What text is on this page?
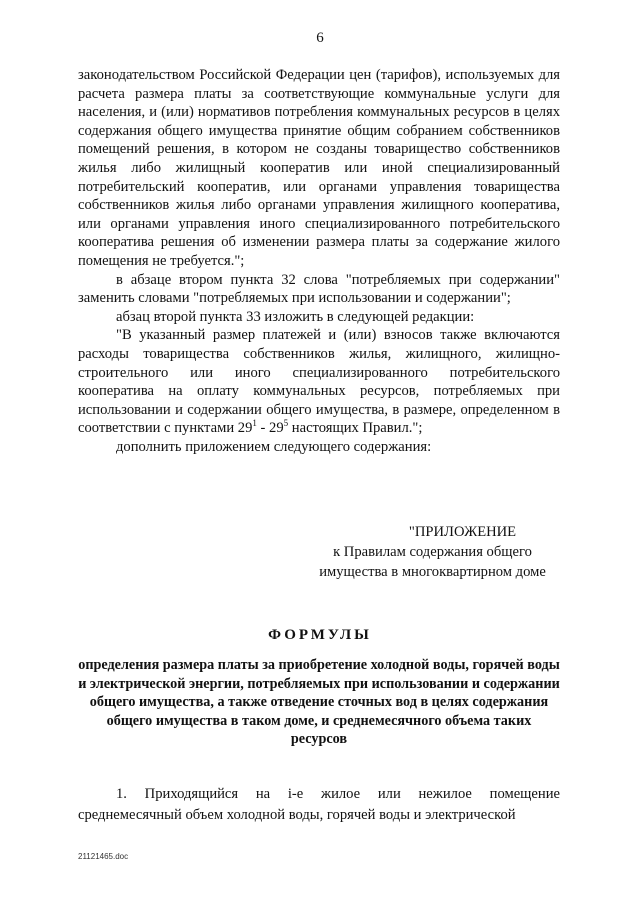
6

законодательством Российской Федерации цен (тарифов), используемых для расчета размера платы за соответствующие коммунальные услуги для населения, и (или) нормативов потребления коммунальных ресурсов в целях содержания общего имущества принятие общим собранием собственников помещений решения, в котором не созданы товарищество собственников жилья либо жилищный кооператив или иной специализированный потребительский кооператив, или органами управления товарищества собственников жилья либо органами управления жилищного кооператива, или органами управления иного специализированного потребительского кооператива решения об изменении размера платы за содержание жилого помещения не требуется.";

в абзаце втором пункта 32 слова "потребляемых при содержании" заменить словами "потребляемых при использовании и содержании";

абзац второй пункта 33 изложить в следующей редакции:

"В указанный размер платежей и (или) взносов также включаются расходы товарищества собственников жилья, жилищного, жилищно-строительного или иного специализированного потребительского кооператива на оплату коммунальных ресурсов, потребляемых при использовании и содержании общего имущества, в размере, определенном в соответствии с пунктами $29^1 - 29^5$ настоящих Правил.";

дополнить приложением следующего содержания:

"ПРИЛОЖЕНИЕ
к Правилам содержания общего
имущества в многоквартирном доме
ФОРМУЛЫ
определения размера платы за приобретение холодной воды, горячей воды и электрической энергии, потребляемых при использовании и содержании общего имущества, а также отведение сточных вод в целях содержания общего имущества в таком доме, и среднемесячного объема таких ресурсов

1. Приходящийся на i-е жилое или нежилое помещение среднемесячный объем холодной воды, горячей воды и электрической

21121465.doc
